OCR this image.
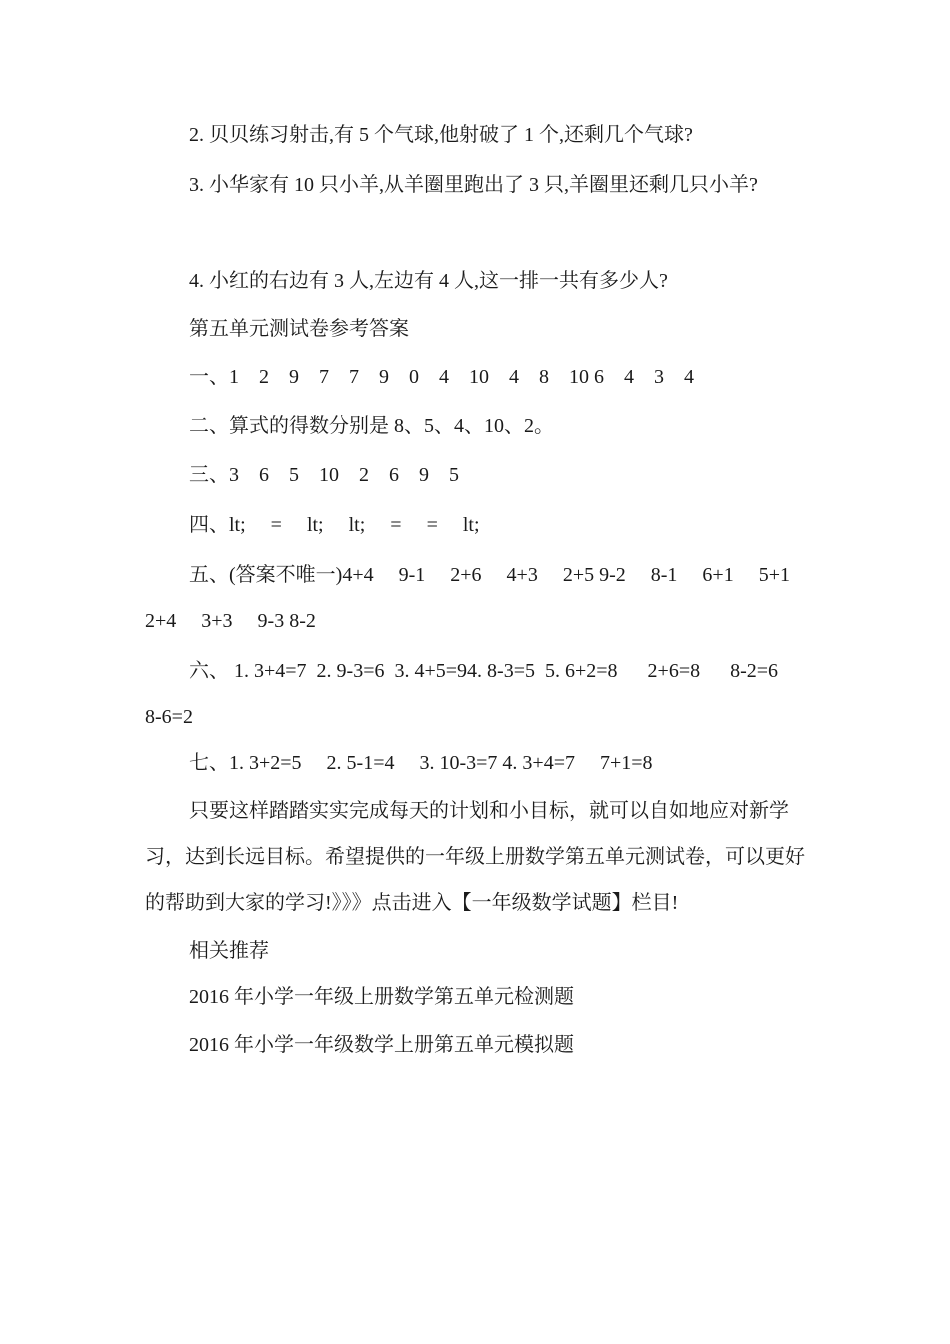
2. 贝贝练习射击,有 5 个气球,他射破了 1 个,还剩几个气球?

3. 小华家有 10 只小羊,从羊圈里跑出了 3 只,羊圈里还剩几只小羊?

4. 小红的右边有 3 人,左边有 4 人,这一排一共有多少人?

第五单元测试卷参考答案

一、1    2    9    7    7    9    0    4    10    4    8    10 6    4    3    4

二、算式的得数分别是 8、5、4、10、2。

三、3    6    5    10    2    6    9    5

四、lt;     =     lt;     lt;     =     =     lt;

五、(答案不唯一)4+4     9-1     2+6     4+3     2+5 9-2     8-1     6+1     5+1     2+4     3+3     9-3 8-2

六、 1. 3+4=7  2. 9-3=6  3. 4+5=94. 8-3=5  5. 6+2=8      2+6=8      8-2=6      8-6=2

七、1. 3+2=5     2. 5-1=4     3. 10-3=7 4. 3+4=7     7+1=8

只要这样踏踏实实完成每天的计划和小目标，就可以自如地应对新学习，达到长远目标。希望提供的一年级上册数学第五单元测试卷，可以更好的帮助到大家的学习!》》》点击进入【一年级数学试题】栏目!

相关推荐

2016 年小学一年级上册数学第五单元检测题

2016 年小学一年级数学上册第五单元模拟题
